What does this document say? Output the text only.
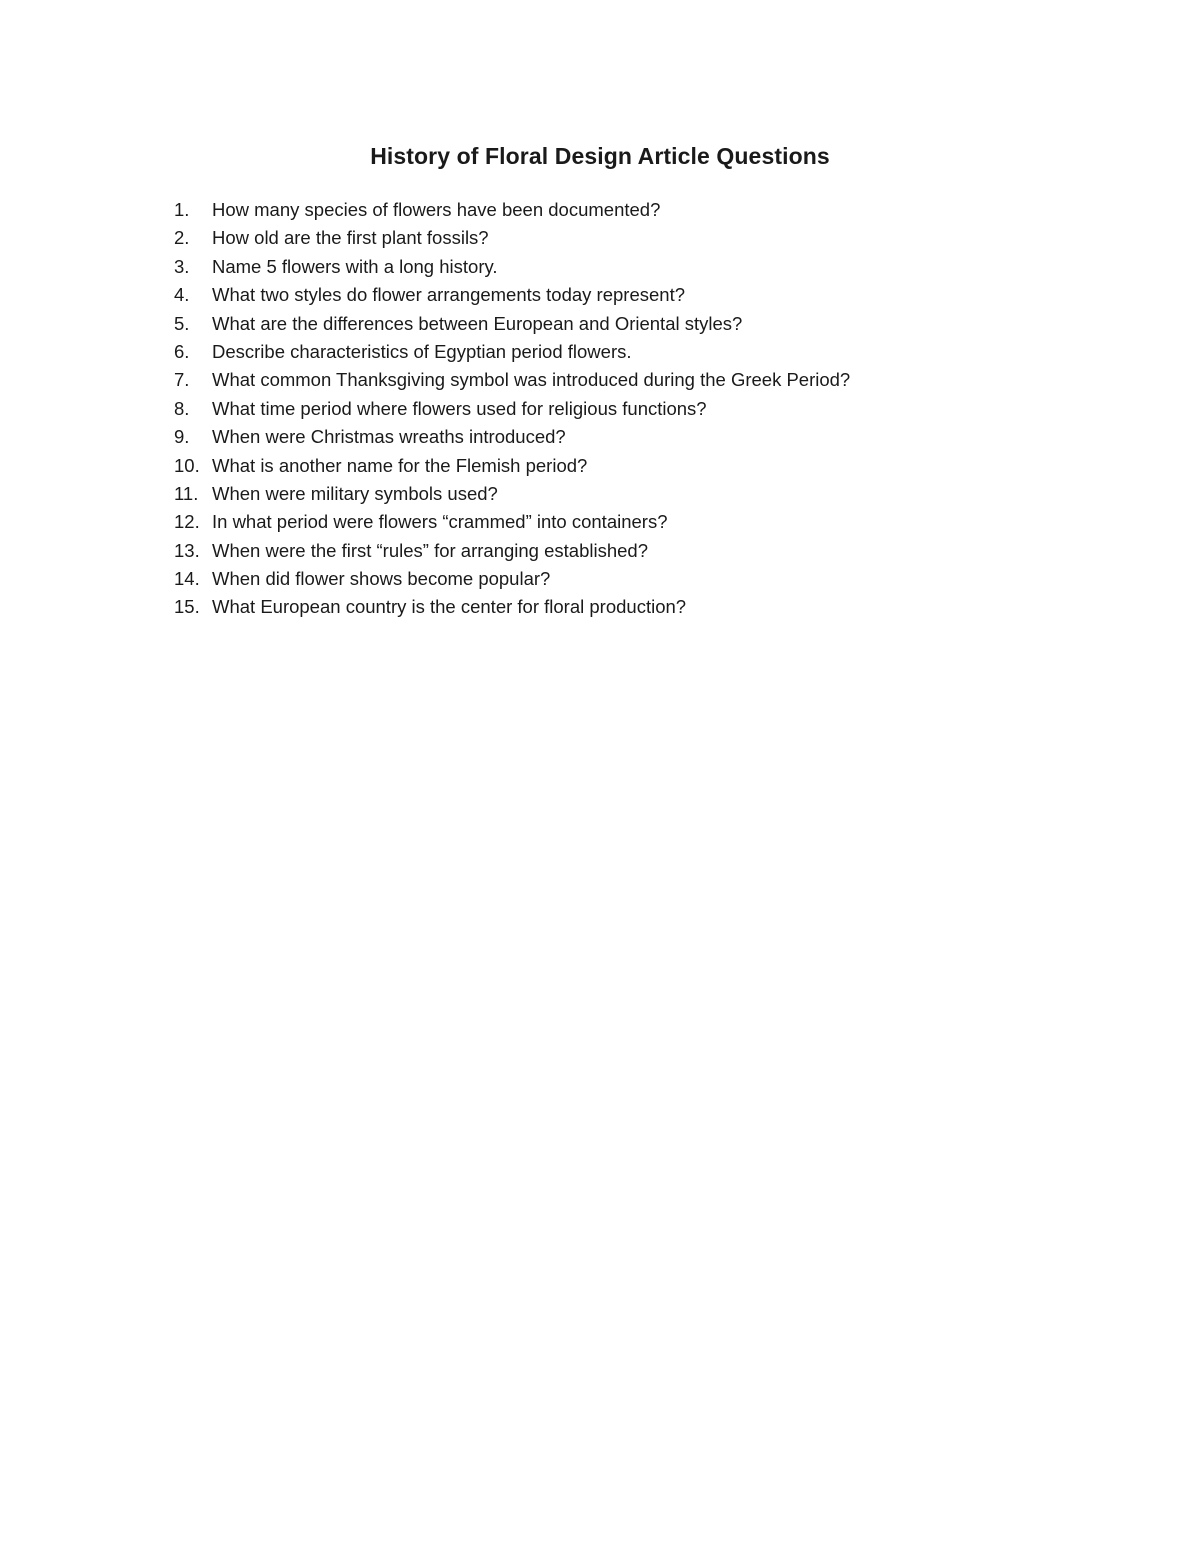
History of Floral Design Article Questions
1.	How many species of flowers have been documented?
2.	How old are the first plant fossils?
3.	Name 5 flowers with a long history.
4.	What two styles do flower arrangements today represent?
5.	What are the differences between European and Oriental styles?
6.	Describe characteristics of Egyptian period flowers.
7.	What common Thanksgiving symbol was introduced during the Greek Period?
8.	What time period where flowers used for religious functions?
9.	When were Christmas wreaths introduced?
10. What is another name for the Flemish period?
11. When were military symbols used?
12. In what period were flowers “crammed” into containers?
13. When were the first “rules” for arranging established?
14. When did flower shows become popular?
15. What European country is the center for floral production?
